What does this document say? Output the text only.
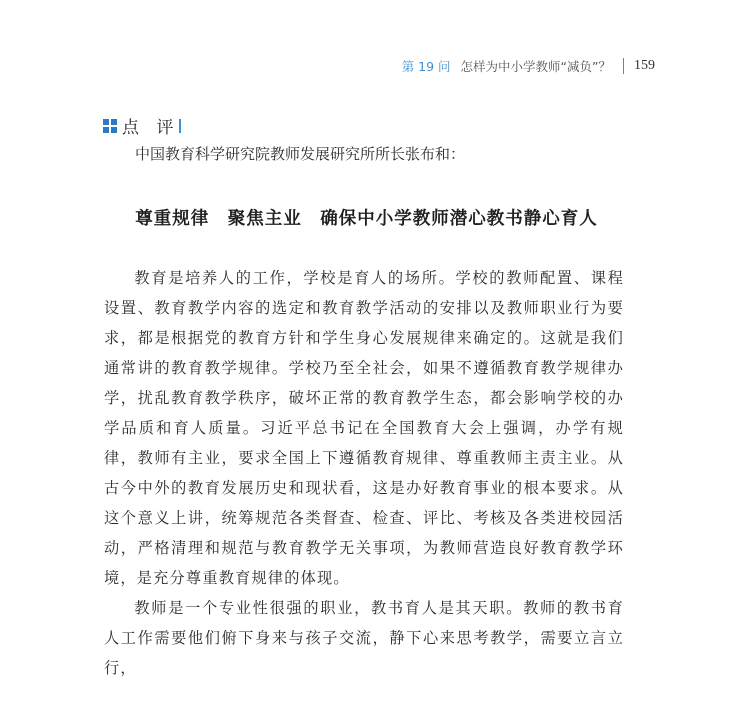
第 19 问 怎样为中小学教师“减负”？ 159
点 评
中国教育科学研究院教师发展研究所所长张布和：
尊重规律　聚焦主业　确保中小学教师潜心教书静心育人

教育是培养人的工作，学校是育人的场所。学校的教师配置、课程设置、教育教学内容的选定和教育教学活动的安排以及教师职业行为要求，都是根据党的教育方针和学生身心发展规律来确定的。这就是我们通常讲的教育教学规律。学校乃至全社会，如果不遵循教育教学规律办学，扰乱教育教学秩序，破坏正常的教育教学生态，都会影响学校的办学品质和育人质量。习近平总书记在全国教育大会上强调，办学有规律，教师有主业，要求全国上下遵循教育规律、尊重教师主责主业。从古今中外的教育发展历史和现状看，这是办好教育事业的根本要求。从这个意义上讲，统筹规范各类督查、检查、评比、考核及各类进校园活动，严格清理和规范与教育教学无关事项，为教师营造良好教育教学环境，是充分尊重教育规律的体现。

教师是一个专业性很强的职业，教书育人是其天职。教师的教书育人工作需要他们俯下身来与孩子交流，静下心来思考教学，需要立言立行，
